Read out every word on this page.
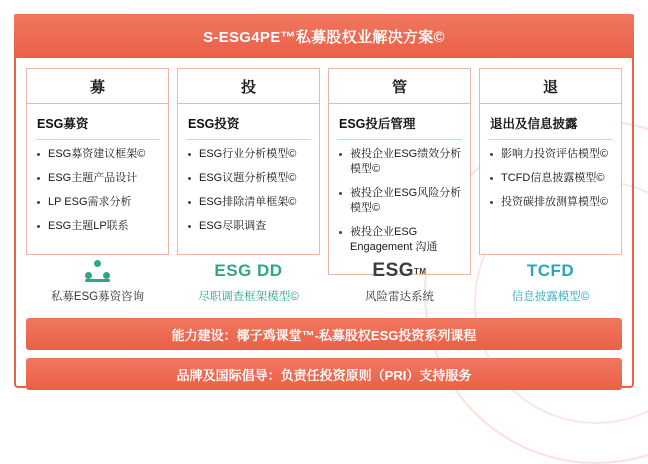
S-ESG4PE™私募股权业解决方案©
募
ESG募资
ESG募资建议框架©
ESG主题产品设计
LP ESG需求分析
ESG主题LP联系
投
ESG投资
ESG行业分析模型©
ESG议题分析模型©
ESG排除清单框架©
ESG尽职调查
管
ESG投后管理
被投企业ESG绩效分析模型©
被投企业ESG风险分析模型©
被投企业ESG Engagement 沟通
退
退出及信息披露
影响力投资评估模型©
TCFD信息披露模型©
投资碳排放测算模型©
私募ESG募资咨询
ESG DD
尽职调查框架模型©
ESG TM
风险雷达系统
TCFD
信息披露模型©
能力建设：椰子鸡课堂™-私募股权ESG投资系列课程
品牌及国际倡导：负责任投资原则（PRI）支持服务
